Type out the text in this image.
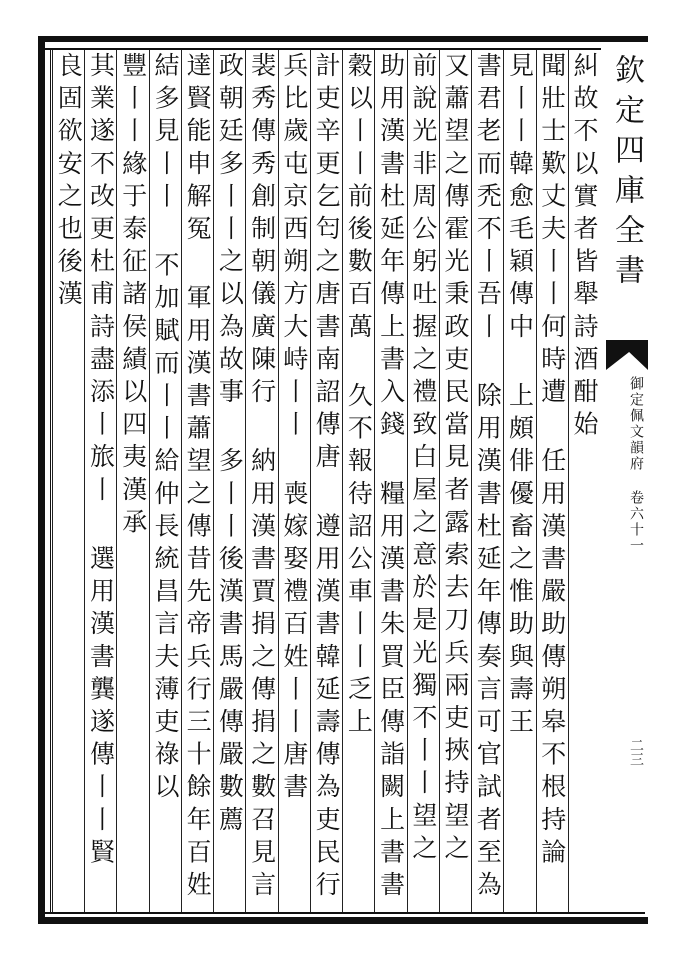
糾故不以實者皆舉詩酒酣始
聞壯士歎丈夫丨丨何時遭 任用漢書嚴助傳朔皋不根持論
見丨丨韓愈毛穎傳中 上頗俳優畜之惟助與壽王
書君老而禿不丨吾丨 除用漢書杜延年傳奏言可官試者至為
又蕭望之傳霍光秉政吏民當見者露索去刀兵兩吏挾持望之
前說光非周公躬吐握之禮致白屋之意於是光獨不丨丨望之
助用漢書杜延年傳上書入錢 糧用漢書朱買臣傳詣闕上書書
穀以丨丨前後數百萬 久不報待詔公車丨丨乏上
計吏辛更乞匄之唐書南詔傳唐 遵用漢書韓延壽傳為吏民行
兵比歲屯京西朔方大峙丨丨 喪嫁娶禮百姓丨丨唐書
裴秀傳秀創制朝儀廣陳行 納用漢書賈捐之傳捐之數召見言
政朝廷多丨丨之以為故事 多丨丨後漢書馬嚴傳嚴數薦
達賢能申解冤 軍用漢書蕭望之傳昔先帝兵行三十餘年百姓
結多見丨丨 不加賦而丨丨給仲長統昌言夫薄吏祿以
豐丨丨緣于泰征諸侯績以四夷漢承
其業遂不改更杜甫詩盡添丨旅丨 選用漢書龔遂傳丨丨賢
良固欲安之也後漢	欽定四庫全書
御定佩文韻府 卷六十一
二三
